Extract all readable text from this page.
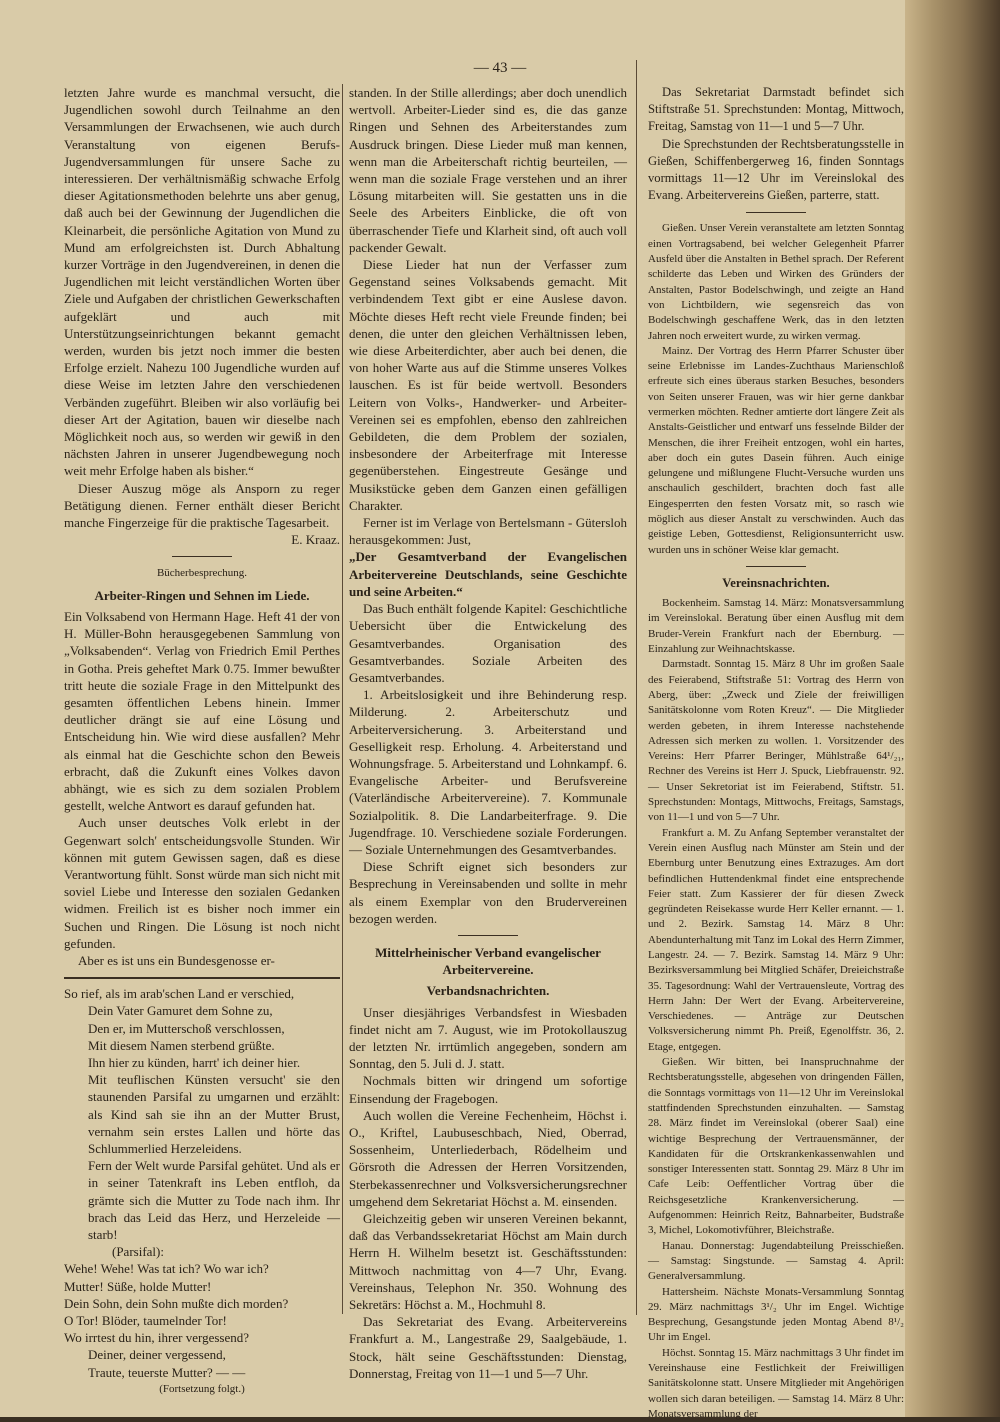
— 43 —

letzten Jahre wurde es manchmal versucht, die Jugendlichen sowohl durch Teilnahme an den Versammlungen der Erwachsenen, wie auch durch Veranstaltung von eigenen Berufs-Jugendversammlungen für unsere Sache zu interessieren. Der verhältnismäßig schwache Erfolg dieser Agitationsmethoden belehrte uns aber genug, daß auch bei der Gewinnung der Jugendlichen die Kleinarbeit, die persönliche Agitation von Mund zu Mund am erfolgreichsten ist. Durch Abhaltung kurzer Vorträge in den Jugendvereinen, in denen die Jugendlichen mit leicht verständlichen Worten über Ziele und Aufgaben der christlichen Gewerkschaften aufgeklärt und auch mit Unterstützungseinrichtungen bekannt gemacht werden, wurden bis jetzt noch immer die besten Erfolge erzielt. Nahezu 100 Jugendliche wurden auf diese Weise im letzten Jahre den verschiedenen Verbänden zugeführt. Bleiben wir also vorläufig bei dieser Art der Agitation, bauen wir dieselbe nach Möglichkeit noch aus, so werden wir gewiß in den nächsten Jahren in unserer Jugendbewegung noch weit mehr Erfolge haben als bisher.“

Dieser Auszug möge als Ansporn zu reger Betätigung dienen. Ferner enthält dieser Bericht manche Fingerzeige für die praktische Tagesarbeit.

E. Kraaz.
Bücherbesprechung.
Arbeiter-Ringen und Sehnen im Liede.

Ein Volksabend von Hermann Hage. Heft 41 der von H. Müller-Bohn herausgegebenen Sammlung von „Volksabenden“. Verlag von Friedrich Emil Perthes in Gotha. Preis geheftet Mark 0.75. Immer bewußter tritt heute die soziale Frage in den Mittelpunkt des gesamten öffentlichen Lebens hinein. Immer deutlicher drängt sie auf eine Lösung und Entscheidung hin. Wie wird diese ausfallen? Mehr als einmal hat die Geschichte schon den Beweis erbracht, daß die Zukunft eines Volkes davon abhängt, wie es sich zu dem sozialen Problem gestellt, welche Antwort es darauf gefunden hat.

Auch unser deutsches Volk erlebt in der Gegenwart solch' entscheidungsvolle Stunden. Wir können mit gutem Gewissen sagen, daß es diese Verantwortung fühlt. Sonst würde man sich nicht mit soviel Liebe und Interesse den sozialen Gedanken widmen. Freilich ist es bisher noch immer ein Suchen und Ringen. Die Lösung ist noch nicht gefunden.

Aber es ist uns ein Bundesgenosse er-

So rief, als im arab'schen Land er verschied,

Dein Vater Gamuret dem Sohne zu,

Den er, im Mutterschoß verschlossen,

Mit diesem Namen sterbend grüßte.

Ihn hier zu künden, harrt' ich deiner hier.

Mit teuflischen Künsten versucht' sie den staunenden Parsifal zu umgarnen und erzählt: als Kind sah sie ihn an der Mutter Brust, vernahm sein erstes Lallen und hörte das Schlummerlied Herzeleidens.

Fern der Welt wurde Parsifal gehütet. Und als er in seiner Tatenkraft ins Leben entfloh, da grämte sich die Mutter zu Tode nach ihm. Ihr brach das Leid das Herz, und Herzeleide — starb!

(Parsifal):

Wehe! Wehe! Was tat ich? Wo war ich?

Mutter! Süße, holde Mutter!

Dein Sohn, dein Sohn mußte dich morden?

O Tor! Blöder, taumelnder Tor!

Wo irrtest du hin, ihrer vergessend?

Deiner, deiner vergessend,

Traute, teuerste Mutter? — —

(Fortsetzung folgt.)

standen. In der Stille allerdings; aber doch unendlich wertvoll. Arbeiter-Lieder sind es, die das ganze Ringen und Sehnen des Arbeiterstandes zum Ausdruck bringen. Diese Lieder muß man kennen, wenn man die Arbeiterschaft richtig beurteilen, — wenn man die soziale Frage verstehen und an ihrer Lösung mitarbeiten will. Sie gestatten uns in die Seele des Arbeiters Einblicke, die oft von überraschender Tiefe und Klarheit sind, oft auch voll packender Gewalt.

Diese Lieder hat nun der Verfasser zum Gegenstand seines Volksabends gemacht. Mit verbindendem Text gibt er eine Auslese davon. Möchte dieses Heft recht viele Freunde finden; bei denen, die unter den gleichen Verhältnissen leben, wie diese Arbeiterdichter, aber auch bei denen, die von hoher Warte aus auf die Stimme unseres Volkes lauschen. Es ist für beide wertvoll. Besonders Leitern von Volks-, Handwerker- und Arbeiter-Vereinen sei es empfohlen, ebenso den zahlreichen Gebildeten, die dem Problem der sozialen, insbesondere der Arbeiterfrage mit Interesse gegenüberstehen. Eingestreute Gesänge und Musikstücke geben dem Ganzen einen gefälligen Charakter.

Ferner ist im Verlage von Bertelsmann - Gütersloh herausgekommen: Just,

„Der Gesamtverband der Evangelischen Arbeitervereine Deutschlands, seine Geschichte und seine Arbeiten.“

Das Buch enthält folgende Kapitel: Geschichtliche Uebersicht über die Entwickelung des Gesamtverbandes. Organisation des Gesamtverbandes. Soziale Arbeiten des Gesamtverbandes.

1. Arbeitslosigkeit und ihre Behinderung resp. Milderung. 2. Arbeiterschutz und Arbeiterversicherung. 3. Arbeiterstand und Geselligkeit resp. Erholung. 4. Arbeiterstand und Wohnungsfrage. 5. Arbeiterstand und Lohnkampf. 6. Evangelische Arbeiter- und Berufsvereine (Vaterländische Arbeitervereine). 7. Kommunale Sozialpolitik. 8. Die Landarbeiterfrage. 9. Die Jugendfrage. 10. Verschiedene soziale Forderungen. — Soziale Unternehmungen des Gesamtverbandes.

Diese Schrift eignet sich besonders zur Besprechung in Vereinsabenden und sollte in mehr als einem Exemplar von den Brudervereinen bezogen werden.

Mittelrheinischer Verband evangelischer Arbeitervereine.
Verbandsnachrichten.

Unser diesjähriges Verbandsfest in Wiesbaden findet nicht am 7. August, wie im Protokollauszug der letzten Nr. irrtümlich angegeben, sondern am Sonntag, den 5. Juli d. J. statt.

Nochmals bitten wir dringend um sofortige Einsendung der Fragebogen.

Auch wollen die Vereine Fechenheim, Höchst i. O., Kriftel, Laubuseschbach, Nied, Oberrad, Sossenheim, Unterliederbach, Rödelheim und Görsroth die Adressen der Herren Vorsitzenden, Sterbekassenrechner und Volksversicherungsrechner umgehend dem Sekretariat Höchst a. M. einsenden.

Gleichzeitig geben wir unseren Vereinen bekannt, daß das Verbandssekretariat Höchst am Main durch Herrn H. Wilhelm besetzt ist. Geschäftsstunden: Mittwoch nachmittag von 4—7 Uhr, Evang. Vereinshaus, Telephon Nr. 350. Wohnung des Sekretärs: Höchst a. M., Hochmuhl 8.

Das Sekretariat des Evang. Arbeitervereins Frankfurt a. M., Langestraße 29, Saalgebäude, 1. Stock, hält seine Geschäftsstunden: Dienstag, Donnerstag, Freitag von 11—1 und 5—7 Uhr.

Das Sekretariat Darmstadt befindet sich Stiftstraße 51. Sprechstunden: Montag, Mittwoch, Freitag, Samstag von 11—1 und 5—7 Uhr.

Die Sprechstunden der Rechtsberatungsstelle in Gießen, Schiffenbergerweg 16, finden Sonntags vormittags 11—12 Uhr im Vereinslokal des Evang. Arbeitervereins Gießen, parterre, statt.

Gießen. Unser Verein veranstaltete am letzten Sonntag einen Vortragsabend, bei welcher Gelegenheit Pfarrer Ausfeld über die Anstalten in Bethel sprach. Der Referent schilderte das Leben und Wirken des Gründers der Anstalten, Pastor Bodelschwingh, und zeigte an Hand von Lichtbildern, wie segensreich das von Bodelschwingh geschaffene Werk, das in den letzten Jahren noch erweitert wurde, zu wirken vermag.

Mainz. Der Vortrag des Herrn Pfarrer Schuster über seine Erlebnisse im Landes-Zuchthaus Marienschloß erfreute sich eines überaus starken Besuches, besonders von Seiten unserer Frauen, was wir hier gerne dankbar vermerken möchten. Redner amtierte dort längere Zeit als Anstalts-Geistlicher und entwarf uns fesselnde Bilder der Menschen, die ihrer Freiheit entzogen, wohl ein hartes, aber doch ein gutes Dasein führen. Auch einige gelungene und mißlungene Flucht-Versuche wurden uns anschaulich geschildert, brachten doch fast alle Eingesperrten den festen Vorsatz mit, so rasch wie möglich aus dieser Anstalt zu verschwinden. Auch das geistige Leben, Gottesdienst, Religionsunterricht usw. wurden uns in schöner Weise klar gemacht.

Vereinsnachrichten.

Bockenheim. Samstag 14. März: Monatsversammlung im Vereinslokal. Beratung über einen Ausflug mit dem Bruder-Verein Frankfurt nach der Ebernburg. — Einzahlung zur Weihnachtskasse.

Darmstadt. Sonntag 15. März 8 Uhr im großen Saale des Feierabend, Stiftstraße 51: Vortrag des Herrn von Aberg, über: „Zweck und Ziele der freiwilligen Sanitätskolonne vom Roten Kreuz“. — Die Mitglieder werden gebeten, in ihrem Interesse nachstehende Adressen sich merken zu wollen. 1. Vorsitzender des Vereins: Herr Pfarrer Beringer, Mühlstraße 64¹/₂₁, Rechner des Vereins ist Herr J. Spuck, Liebfrauenstr. 92. — Unser Sekretoriat ist im Feierabend, Stiftstr. 51. Sprechstunden: Montags, Mittwochs, Freitags, Samstags, von 11—1 und von 5—7 Uhr.

Frankfurt a. M. Zu Anfang September veranstaltet der Verein einen Ausflug nach Münster am Stein und der Ebernburg unter Benutzung eines Extrazuges. Am dort befindlichen Huttendenkmal findet eine entsprechende Feier statt. Zum Kassierer der für diesen Zweck gegründeten Reisekasse wurde Herr Keller ernannt. — 1. und 2. Bezirk. Samstag 14. März 8 Uhr: Abendunterhaltung mit Tanz im Lokal des Herrn Zimmer, Langestr. 24. — 7. Bezirk. Samstag 14. März 9 Uhr: Bezirksversammlung bei Mitglied Schäfer, Dreieichstraße 35. Tagesordnung: Wahl der Vertrauensleute, Vortrag des Herrn Jahn: Der Wert der Evang. Arbeitervereine, Verschiedenes. — Anträge zur Deutschen Volksversicherung nimmt Ph. Preiß, Egenolffstr. 36, 2. Etage, entgegen.

Gießen. Wir bitten, bei Inanspruchnahme der Rechtsberatungsstelle, abgesehen von dringenden Fällen, die Sonntags vormittags von 11—12 Uhr im Vereinslokal stattfindenden Sprechstunden einzuhalten. — Samstag 28. März findet im Vereinslokal (oberer Saal) eine wichtige Besprechung der Vertrauensmänner, der Kandidaten für die Ortskrankenkassenwahlen und sonstiger Interessenten statt. Sonntag 29. März 8 Uhr im Cafe Leib: Oeffentlicher Vortrag über die Reichsgesetzliche Krankenversicherung. — Aufgenommen: Heinrich Reitz, Bahnarbeiter, Budstraße 3, Michel, Lokomotivführer, Bleichstraße.

Hanau. Donnerstag: Jugendabteilung Preisschießen. — Samstag: Singstunde. — Samstag 4. April: Generalversammlung.

Hattersheim. Nächste Monats-Versammlung Sonntag 29. März nachmittags 3¹/₂ Uhr im Engel. Wichtige Besprechung, Gesangstunde jeden Montag Abend 8¹/₂ Uhr im Engel.

Höchst. Sonntag 15. März nachmittags 3 Uhr findet im Vereinshause eine Festlichkeit der Freiwilligen Sanitätskolonne statt. Unsere Mitglieder mit Angehörigen wollen sich daran beteiligen. — Samstag 14. März 8 Uhr: Monatsversammlung der
